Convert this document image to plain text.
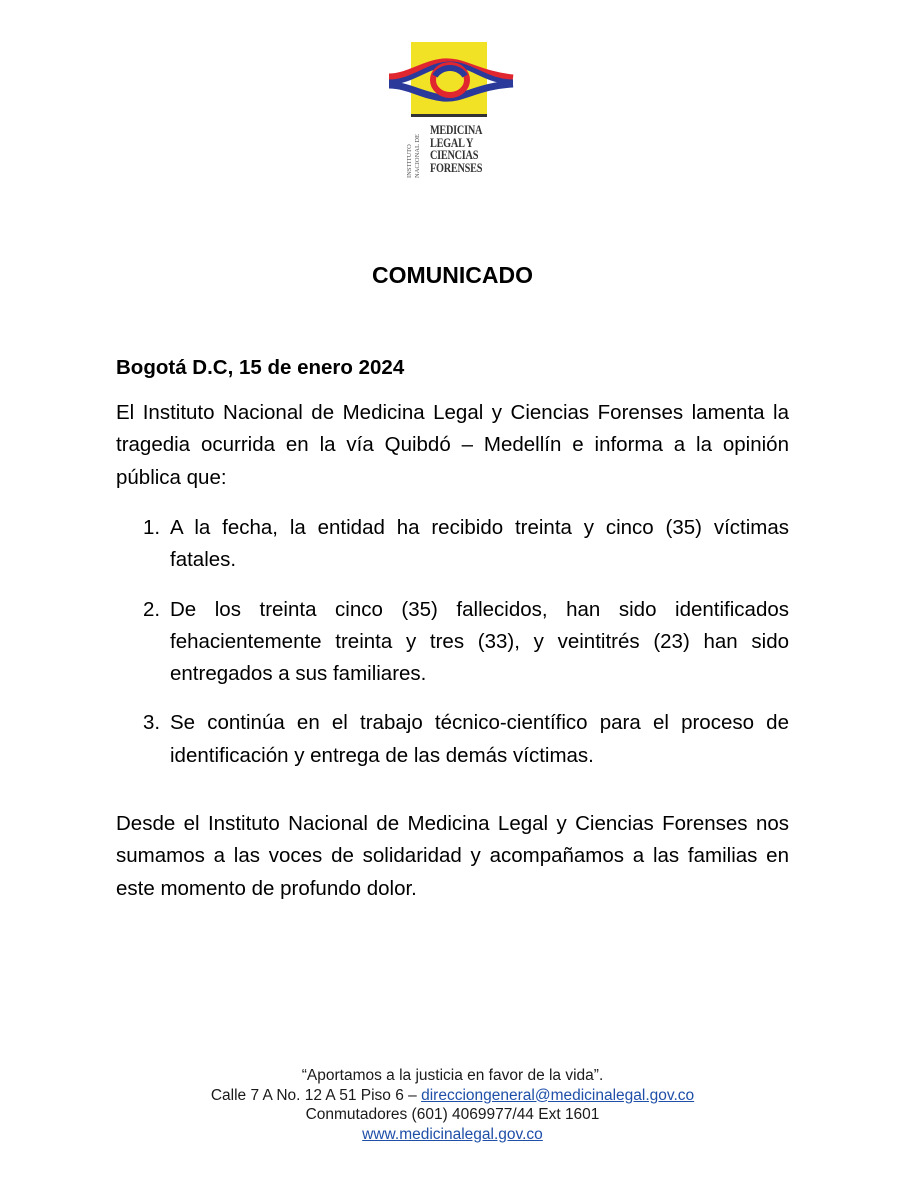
INSTITUTO NACIONAL DE
MEDICINA
LEGAL Y
CIENCIAS
FORENSES
COMUNICADO
Bogotá D.C, 15 de enero 2024
El Instituto Nacional de Medicina Legal y Ciencias Forenses lamenta la tragedia ocurrida en la vía Quibdó – Medellín e informa a la opinión pública que:
1. A la fecha, la entidad ha recibido treinta y cinco (35) víctimas fatales.
2. De los treinta cinco (35) fallecidos, han sido identificados fehacientemente treinta y tres (33), y veintitrés (23) han sido entregados a sus familiares.
3. Se continúa en el trabajo técnico-científico para el proceso de identificación y entrega de las demás víctimas.
Desde el Instituto Nacional de Medicina Legal y Ciencias Forenses nos sumamos a las voces de solidaridad y acompañamos a las familias en este momento de profundo dolor.
“Aportamos a la justicia en favor de la vida”.
Calle 7 A No. 12 A 51 Piso 6 – direcciongeneral@medicinalegal.gov.co
Conmutadores (601) 4069977/44 Ext 1601
www.medicinalegal.gov.co
